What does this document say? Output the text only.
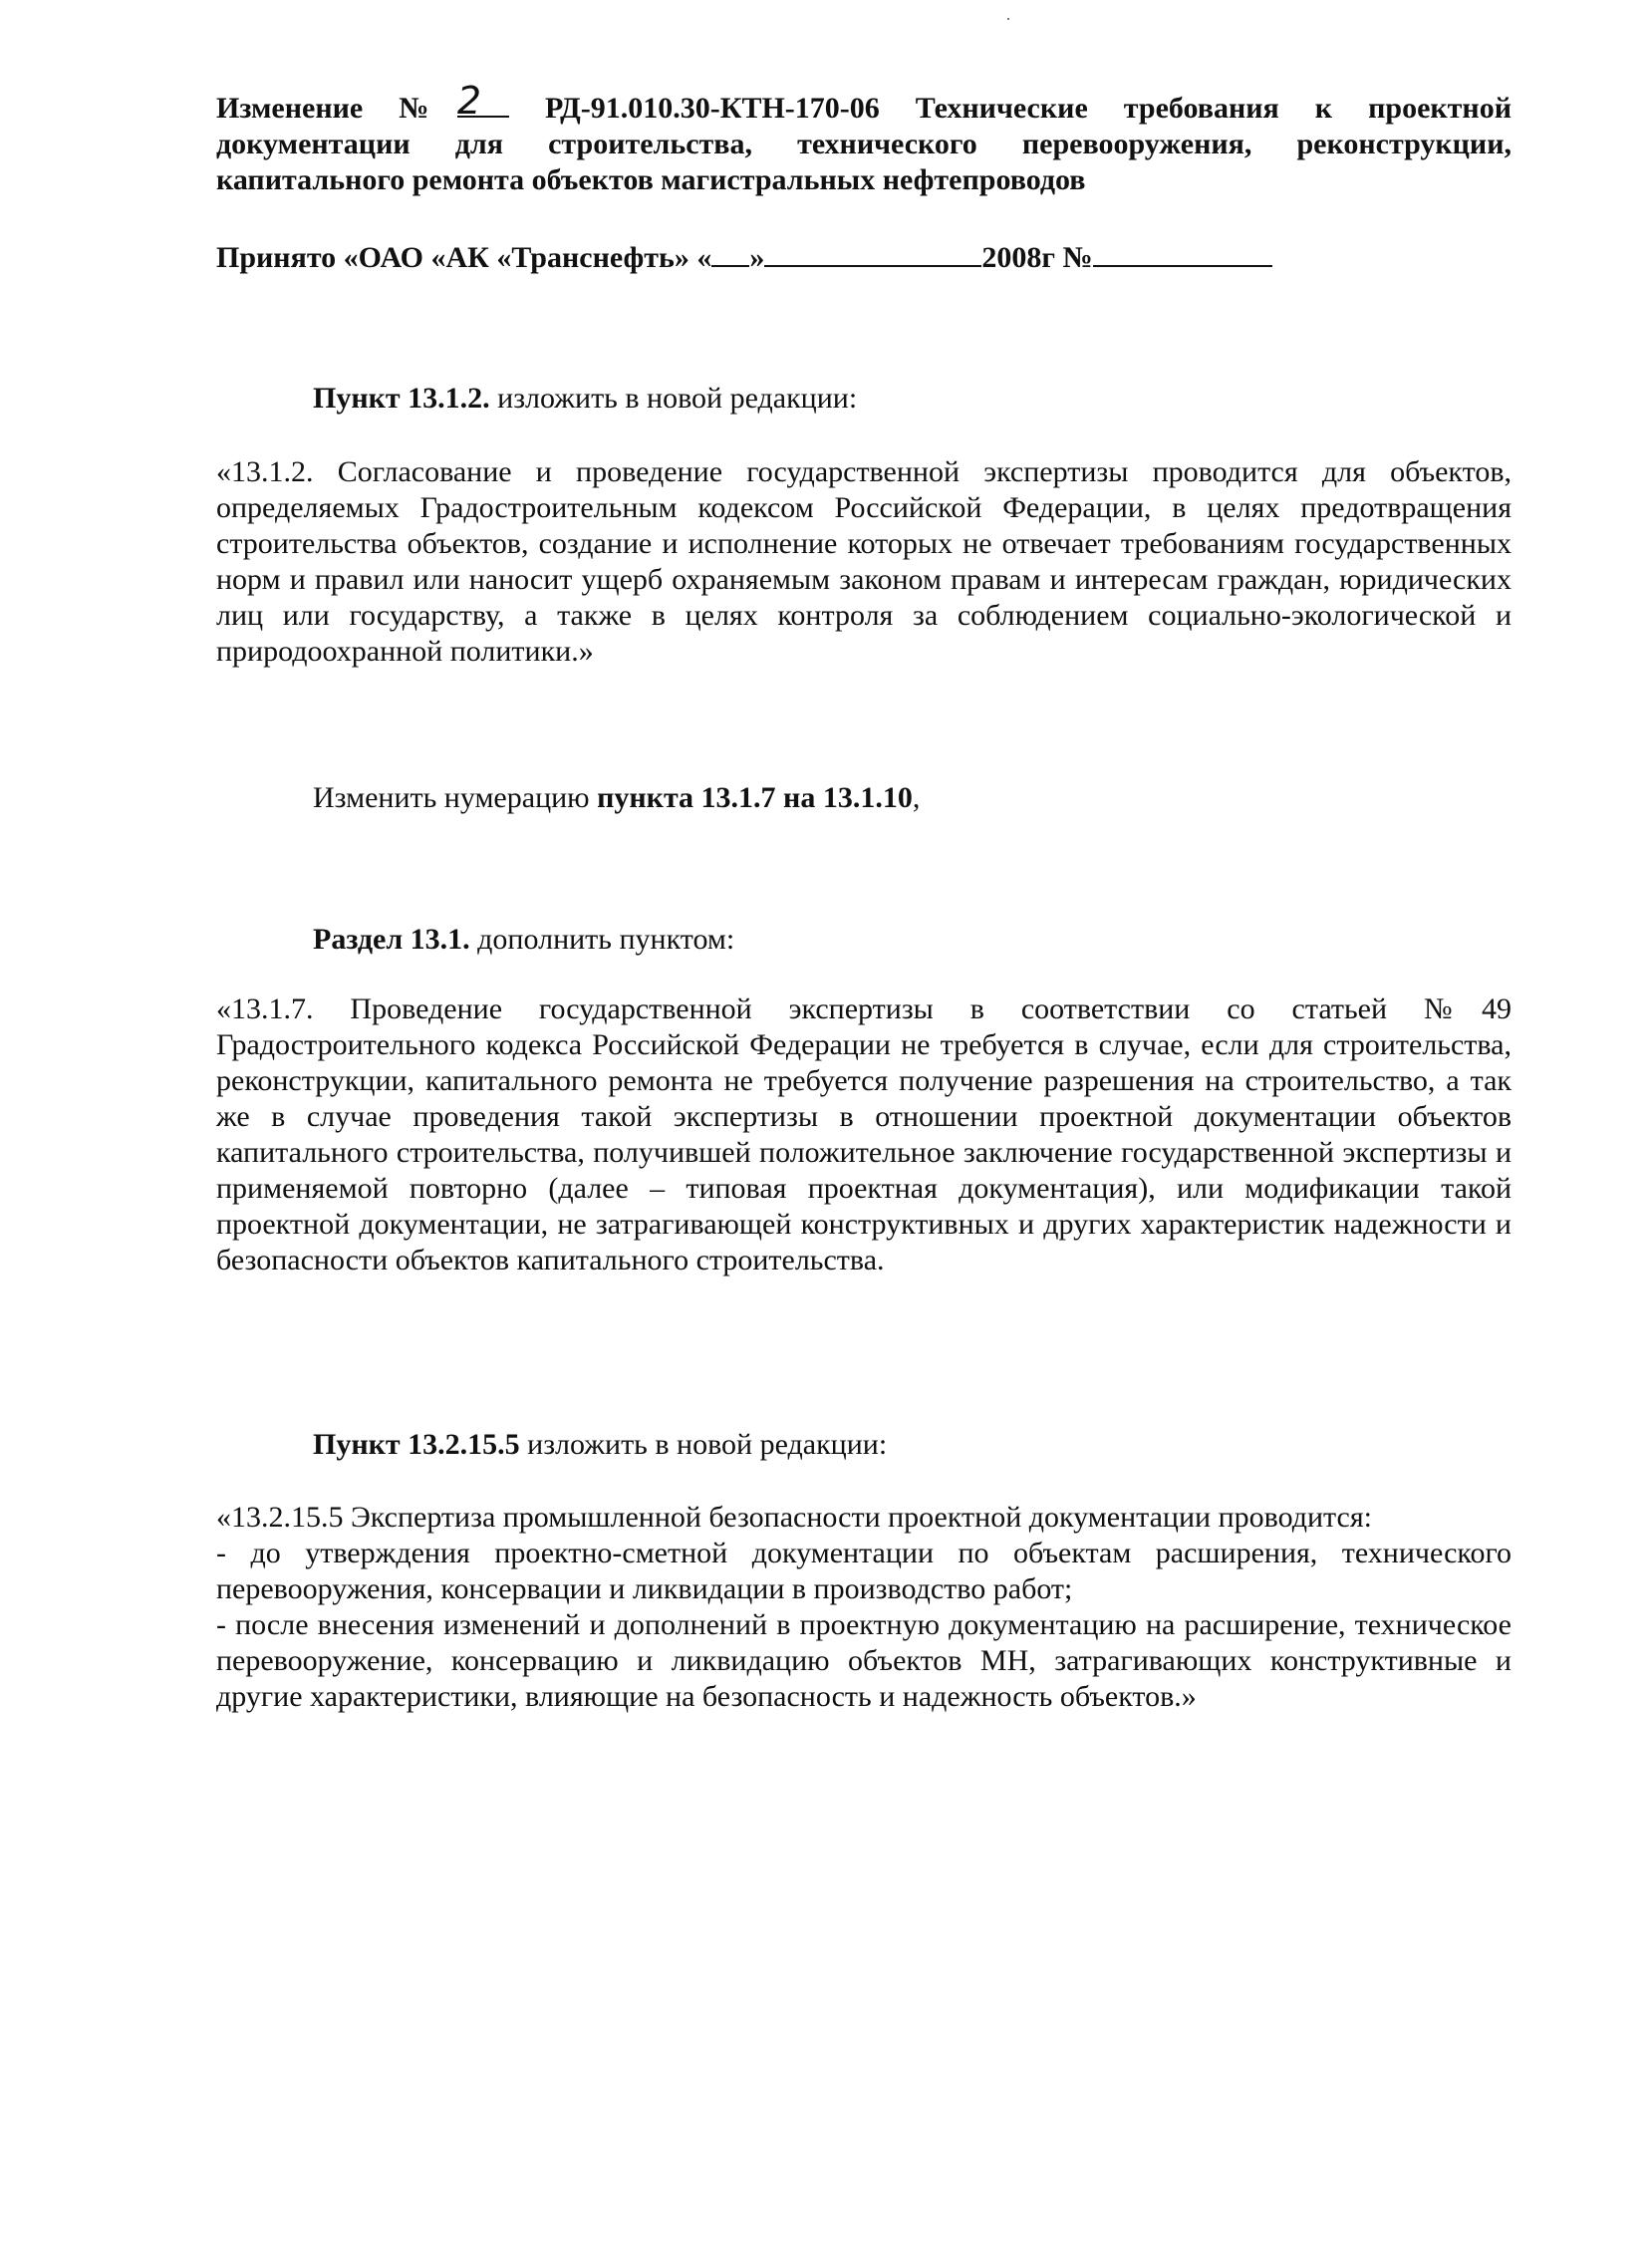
Изменение №2 РД-91.010.30-КТН-170-06 Технические требования к проектной документации для строительства, технического перевооружения, реконструкции, капитального ремонта объектов магистральных нефтепроводов
Принято «ОАО «АК «Транснефть» « »	2008г №
Пункт 13.1.2. изложить в новой редакции:
«13.1.2. Согласование и проведение государственной экспертизы проводится для объектов, определяемых Градостроительным кодексом Российской Федерации, в целях предотвращения строительства объектов, создание и исполнение которых не отвечает требованиям государственных норм и правил или наносит ущерб охраняемым законом правам и интересам граждан, юридических лиц или государству, а также в целях контроля за соблюдением социально-экологической и природоохранной политики.»
Изменить нумерацию пункта 13.1.7 на 13.1.10,
Раздел 13.1. дополнить пунктом:
«13.1.7. Проведение государственной экспертизы в соответствии со статьей №49 Градостроительного кодекса Российской Федерации не требуется в случае, если для строительства, реконструкции, капитального ремонта не требуется получение разрешения на строительство, а так же в случае проведения такой экспертизы в отношении проектной документации объектов капитального строительства, получившей положительное заключение государственной экспертизы и применяемой повторно (далее – типовая проектная документация), или модификации такой проектной документации, не затрагивающей конструктивных и других характеристик надежности и безопасности объектов капитального строительства.
Пункт 13.2.15.5 изложить в новой редакции:
«13.2.15.5 Экспертиза промышленной безопасности проектной документации проводится:
- до утверждения проектно-сметной документации по объектам расширения, технического перевооружения, консервации и ликвидации в производство работ;
- после внесения изменений и дополнений в проектную документацию на расширение, техническое перевооружение, консервацию и ликвидацию объектов МН, затрагивающих конструктивные и другие характеристики, влияющие на безопасность и надежность объектов.»
